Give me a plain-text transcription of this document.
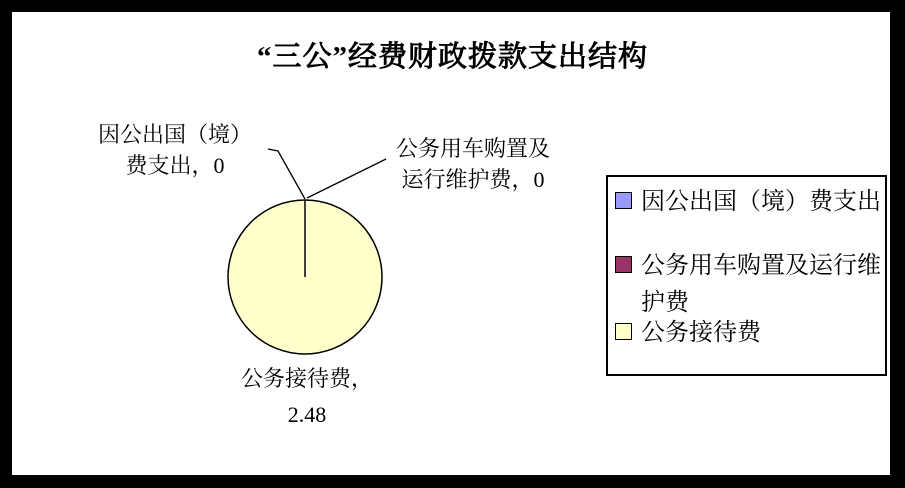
“三公”经费财政拨款支出结构
因公出国（境）
费支出，0
公务用车购置及
运行维护费，0
公务接待费，
2.48
因公出国（境）费支出
公务用车购置及运行维护费
公务接待费
